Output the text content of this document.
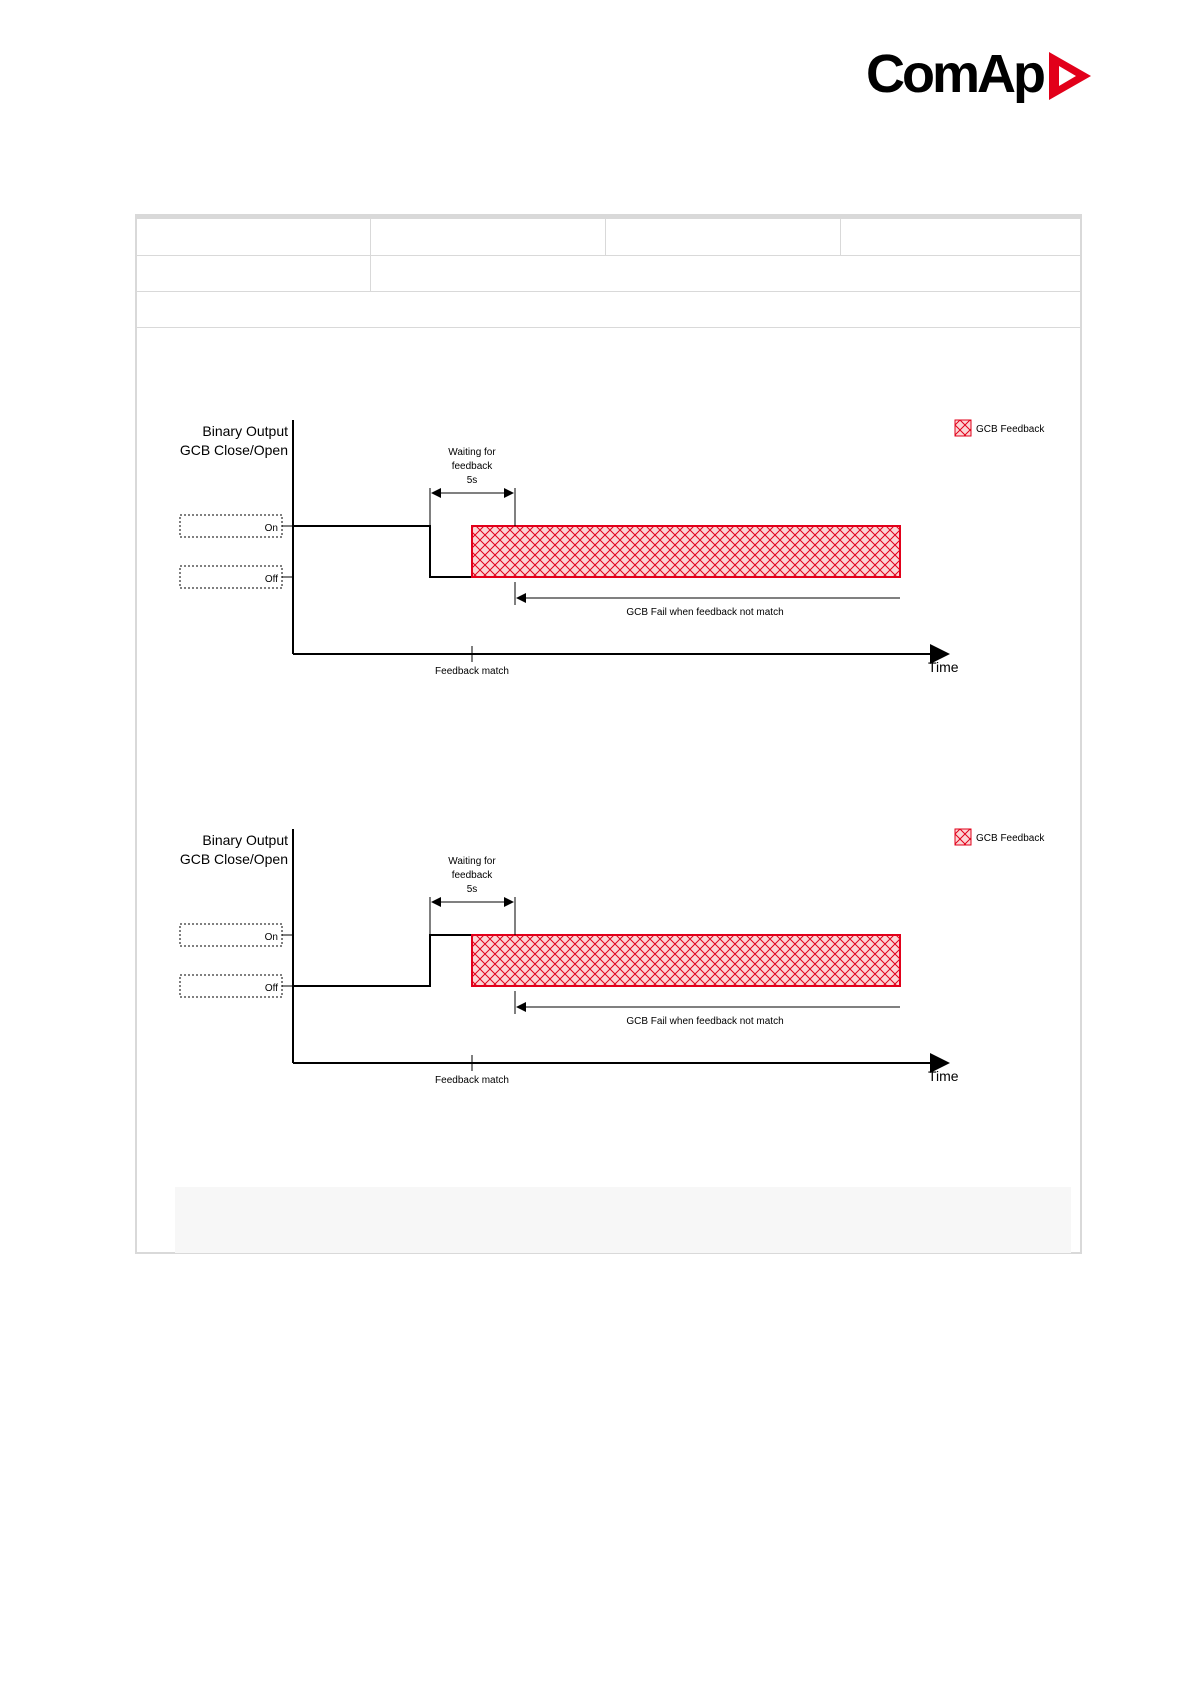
ComAp
Binary Output
GCB Close/Open
Time
On
Off
Waiting for
feedback
5s
GCB Fail when feedback not match
Feedback match
GCB Feedback
Binary Output
GCB Close/Open
Time
On
Off
Waiting for
feedback
5s
GCB Fail when feedback not match
Feedback match
GCB Feedback
